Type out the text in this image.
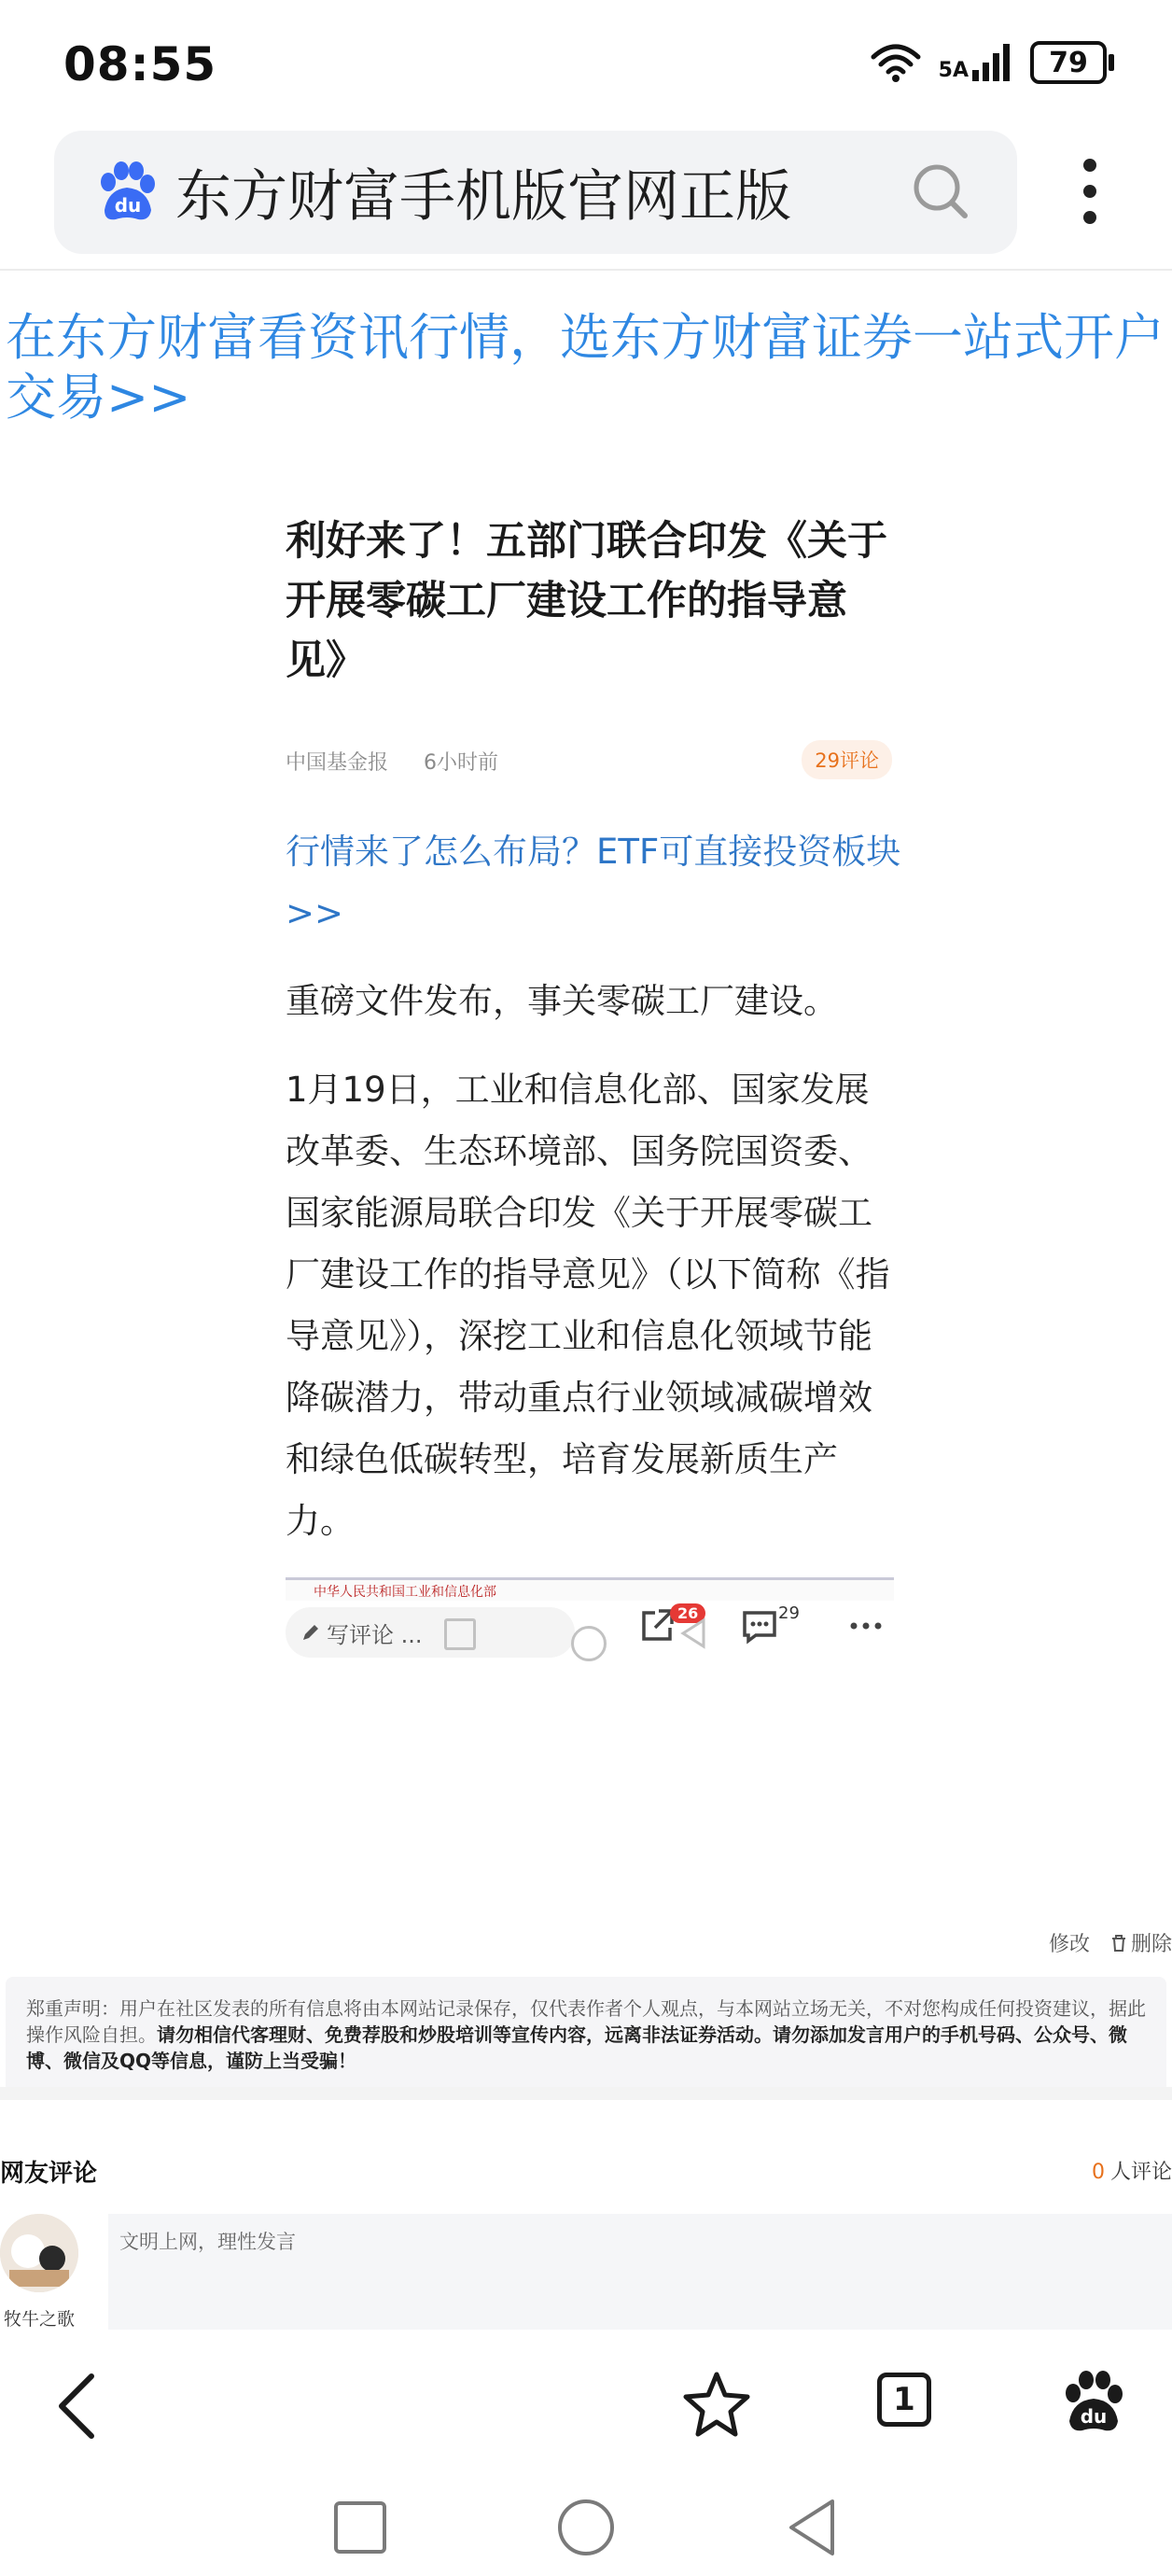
08:55	5A	79
du 东方财富手机版官网正版
在东方财富看资讯行情，选东方财富证券一站式开户交易>>
利好来了！五部门联合印发《关于开展零碳工厂建设工作的指导意见》
中国基金报 6小时前	29评论
行情来了怎么布局？ETF可直接投资板块>>
重磅文件发布，事关零碳工厂建设。
1月19日，工业和信息化部、国家发展改革委、生态环境部、国务院国资委、国家能源局联合印发《关于开展零碳工厂建设工作的指导意见》（以下简称《指导意见》），深挖工业和信息化领域节能降碳潜力，带动重点行业领域减碳增效和绿色低碳转型，培育发展新质生产力。
中华人民共和国工业和信息化部
写评论 ...
26	29
修改 删除
郑重声明：用户在社区发表的所有信息将由本网站记录保存，仅代表作者个人观点，与本网站立场无关，不对您构成任何投资建议，据此操作风险自担。请勿相信代客理财、免费荐股和炒股培训等宣传内容，远离非法证券活动。请勿添加发言用户的手机号码、公众号、微博、微信及QQ等信息，谨防上当受骗！
网友评论	0 人评论
牧牛之歌
文明上网，理性发言
1	du
